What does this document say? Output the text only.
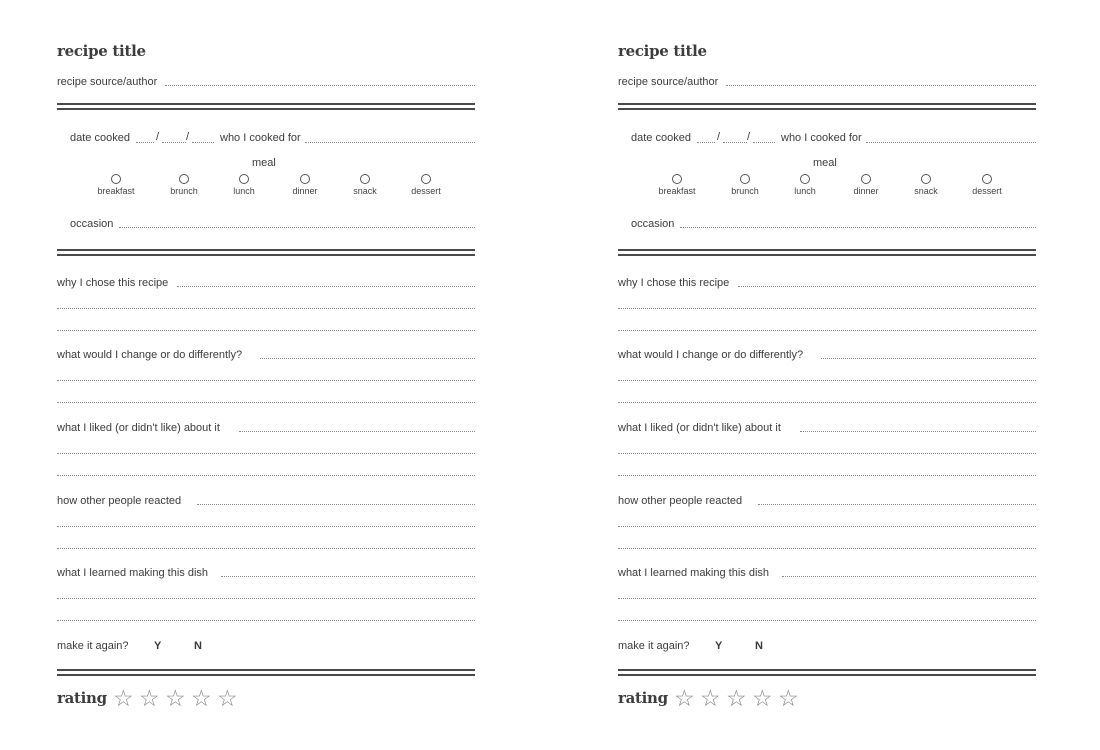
recipe title
recipe source/author
date cooked / /	who I cooked for
meal
breakfast	brunch	lunch	dinner	snack	dessert
occasion
why I chose this recipe
what would I change or do differently?
what I liked (or didn't like) about it
how other people reacted
what I learned making this dish
make it again? Y	N
rating ☆ ☆ ☆ ☆ ☆
recipe title
recipe source/author
date cooked / /	who I cooked for
meal
breakfast	brunch	lunch	dinner	snack	dessert
occasion
why I chose this recipe
what would I change or do differently?
what I liked (or didn't like) about it
how other people reacted
what I learned making this dish
make it again? Y	N
rating ☆ ☆ ☆ ☆ ☆
